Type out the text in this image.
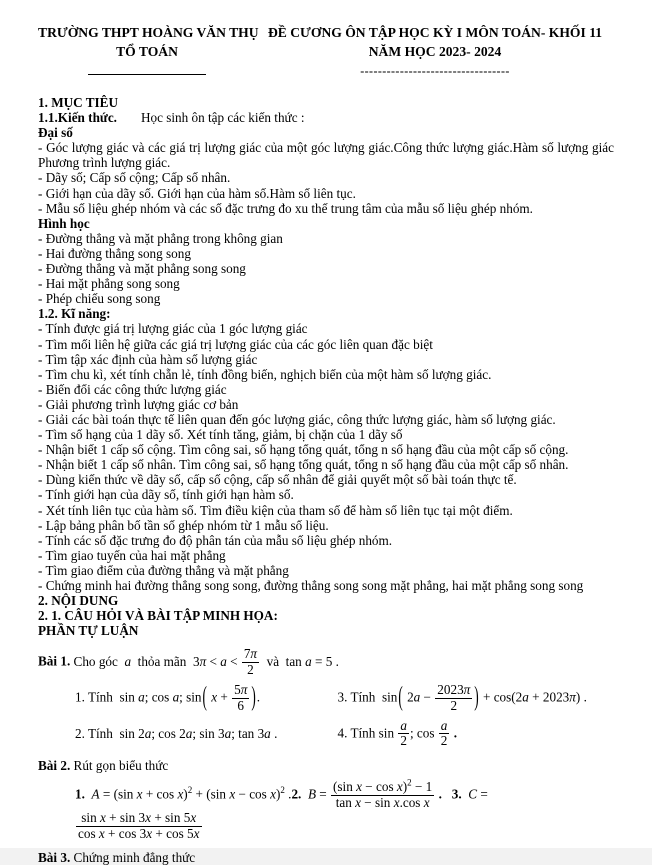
TRƯỜNG THPT HOÀNG VĂN THỤ
TỔ TOÁN
ĐỀ CƯƠNG ÔN TẬP HỌC KỲ I MÔN TOÁN- KHỐI 11
NĂM HỌC 2023- 2024
----------------------------------
1. MỤC TIÊU
1.1.Kiến thức. Học sinh ôn tập các kiến thức :
Đại số
- Góc lượng giác và các giá trị lượng giác của một góc lượng giác.Công thức lượng giác.Hàm số lượng giác Phương trình lượng giác.
- Dãy số; Cấp số cộng; Cấp số nhân.
- Giới hạn của dãy số. Giới hạn của hàm số.Hàm số liên tục.
- Mẫu số liệu ghép nhóm và các số đặc trưng đo xu thế trung tâm của mẫu số liệu ghép nhóm.
Hình học
- Đường thẳng và mặt phẳng trong không gian
- Hai đường thẳng song song
- Đường thẳng và mặt phẳng song song
- Hai mặt phẳng song song
- Phép chiếu song song
1.2. Kĩ năng:
- Tính được giá trị lượng giác của 1 góc lượng giác
- Tìm mối liên hệ giữa các giá trị lượng giác của các góc liên quan đặc biệt
- Tìm tập xác định của hàm số lượng giác
- Tìm chu kì, xét tính chẵn lẻ, tính đồng biến, nghịch biến của một hàm số lượng giác.
- Biến đổi các công thức lượng giác
- Giải phương trình lượng giác cơ bản
- Giải các bài toán thực tế liên quan đến góc lượng giác, công thức lượng giác, hàm số lượng giác.
- Tìm số hạng của 1 dãy số. Xét tính tăng, giảm, bị chặn của 1 dãy số
- Nhận biết 1 cấp số cộng. Tìm công sai, số hạng tổng quát, tổng n số hạng đầu của một cấp số cộng.
- Nhận biết 1 cấp số nhân. Tìm công sai, số hạng tổng quát, tổng n số hạng đầu của một cấp số nhân.
- Dùng kiến thức về dãy số, cấp số cộng, cấp số nhân để giải quyết một số bài toán thực tế.
- Tính giới hạn của dãy số, tính giới hạn hàm số.
- Xét tính liên tục của hàm số. Tìm điều kiện của tham số để hàm số liên tục tại một điểm.
- Lập bảng phân bố tần số ghép nhóm từ 1 mẫu số liệu.
- Tính các số đặc trưng đo độ phân tán của mẫu số liệu ghép nhóm.
- Tìm giao tuyến của hai mặt phẳng
- Tìm giao điểm của đường thẳng và mặt phẳng
- Chứng minh hai đường thẳng song song, đường thẳng song song mặt phẳng, hai mặt phẳng song song
2. NỘI DUNG
2. 1. CÂU HỎI VÀ BÀI TẬP MINH HỌA:
PHẦN TỰ LUẬN
Bài 1. Cho góc  a  thỏa mãn  $3\pi < a < \frac{7\pi}{2}$ và  tan a = 5 .
1. Tính  sin a; cos a; sin( $x + \frac{5\pi}{6}$ ).	3. Tính  sin( $2a - \frac{2023\pi}{2}$ ) + cos(2a + 2023π) .
2. Tính  sin 2a; cos 2a; sin 3a; tan 3a .	4. Tính $\sin \frac{a}{2}$ ; $\cos \frac{a}{2}$ .
Bài 2. Rút gọn biểu thức
1. A = (sin x + cos x)$^2$ + (sin x − cos x)$^2$ .2. $B = \frac{(\sin x - \cos x)^2 - 1}{\text{tan x − sin x.cos x}}$ . 3. C =
$\frac{\text{sin x + sin 3x + sin 5x}}{\text{cos x + cos 3x + cos 5x}}$
Bài 3. Chứng minh đẳng thức
